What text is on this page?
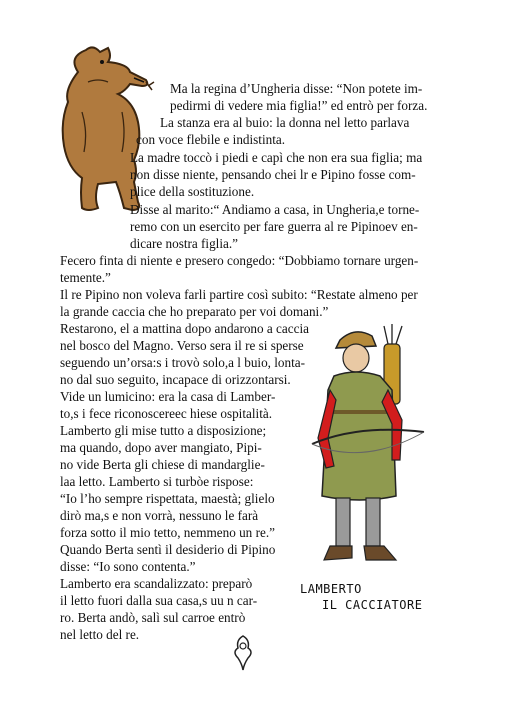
Ma la regina d’Ungheria disse: “Non potete im-
pedirmi di vedere mia figlia!” ed entrò per forza.
La stanza era al buio: la donna nel letto parlava
con voce flebile e indistinta.
La madre toccò i piedi e capì che non era sua figlia; ma
non disse niente, pensando chei lr e Pipino fosse com-
plice della sostituzione.
Disse al marito:“ Andiamo a casa, in Ungheria,e torne-
remo con un esercito per fare guerra al re Pipinoev en-
dicare nostra figlia.”
Fecero finta di niente e presero congedo: “Dobbiamo tornare urgen-
temente.”
Il re Pipino non voleva farli partire così subito: “Restate almeno per
la grande caccia che ho preparato per voi domani.”
Restarono, el a mattina dopo andarono a caccia
nel bosco del Magno. Verso sera il re si sperse
seguendo un’orsa:s i trovò solo,a l buio, lonta-
no dal suo seguito, incapace di orizzontarsi.
Vide un lumicino: era la casa di Lamber-
to,s i fece riconoscereec hiese ospitalità.
Lamberto gli mise tutto a disposizione;
ma quando, dopo aver mangiato, Pipi-
no vide Berta gli chiese di mandarglie-
laa letto. Lamberto si turbòe rispose:
“Io l’ho sempre rispettata, maestà; glielo
dirò ma,s e non vorrà, nessuno le farà
forza sotto il mio tetto, nemmeno un re.”
Quando Berta sentì il desiderio di Pipino
disse: “Io sono contenta.”
Lamberto era scandalizzato: preparò
il letto fuori dalla sua casa,s uu n car-
ro. Berta andò, salì sul carroe entrò
nel letto del re.
LAMBERTO
IL CACCIATORE
